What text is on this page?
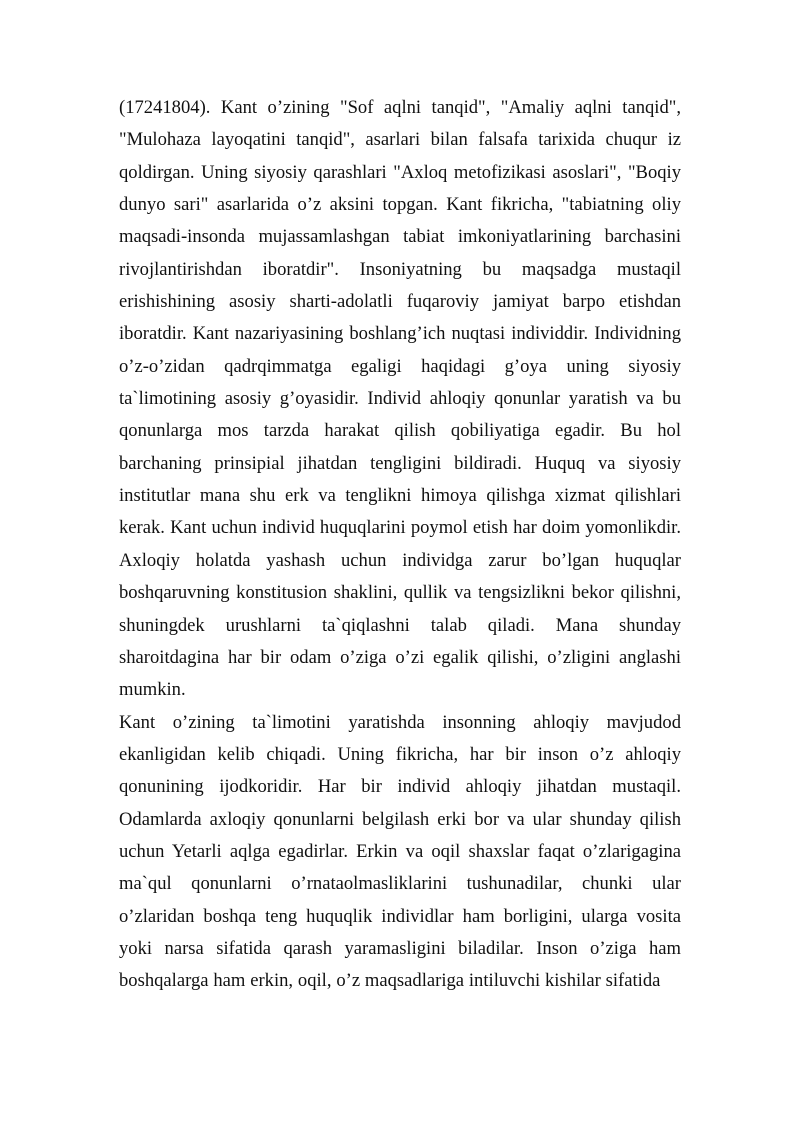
(17241804). Kant o’zining "Sof aqlni tanqid", "Amaliy aqlni tanqid", "Mulohaza layoqatini tanqid", asarlari bilan falsafa tarixida chuqur iz qoldirgan. Uning siyosiy qarashlari "Axloq metofizikasi asoslari", "Boqiy dunyo sari" asarlarida o’z aksini topgan. Kant fikricha, "tabiatning oliy maqsadi-insonda mujassamlashgan tabiat imkoniyatlarining barchasini rivojlantirishdan iboratdir". Insoniyatning bu maqsadga mustaqil erishishining asosiy sharti-adolatli fuqaroviy jamiyat barpo etishdan iboratdir. Kant nazariyasining boshlang’ich nuqtasi individdir. Individning o’z-o’zidan qadrqimmatga egaligi haqidagi g’oya uning siyosiy ta`limotining asosiy g’oyasidir. Individ ahloqiy qonunlar yaratish va bu qonunlarga mos tarzda harakat qilish qobiliyatiga egadir. Bu hol barchaning prinsipial jihatdan tengligini bildiradi. Huquq va siyosiy institutlar mana shu erk va tenglikni himoya qilishga xizmat qilishlari kerak. Kant uchun individ huquqlarini poymol etish har doim yomonlikdir. Axloqiy holatda yashash uchun individga zarur bo’lgan huquqlar boshqaruvning konstitusion shaklini, qullik va tengsizlikni bekor qilishni, shuningdek urushlarni ta`qiqlashni talab qiladi. Mana shunday sharoitdagina har bir odam o’ziga o’zi egalik qilishi, o’zligini anglashi mumkin.

Kant o’zining ta`limotini yaratishda insonning ahloqiy mavjudod ekanligidan kelib chiqadi. Uning fikricha, har bir inson o’z ahloqiy qonunining ijodkoridir. Har bir individ ahloqiy jihatdan mustaqil. Odamlarda axloqiy qonunlarni belgilash erki bor va ular shunday qilish uchun Yetarli aqlga egadirlar. Erkin va oqil shaxslar faqat o’zlarigagina ma`qul qonunlarni o’rnataolmasliklarini tushunadilar, chunki ular o’zlaridan boshqa teng huquqlik individlar ham borligini, ularga vosita yoki narsa sifatida qarash yaramasligini biladilar. Inson o’ziga ham boshqalarga ham erkin, oqil, o’z maqsadlariga intiluvchi kishilar sifatida
